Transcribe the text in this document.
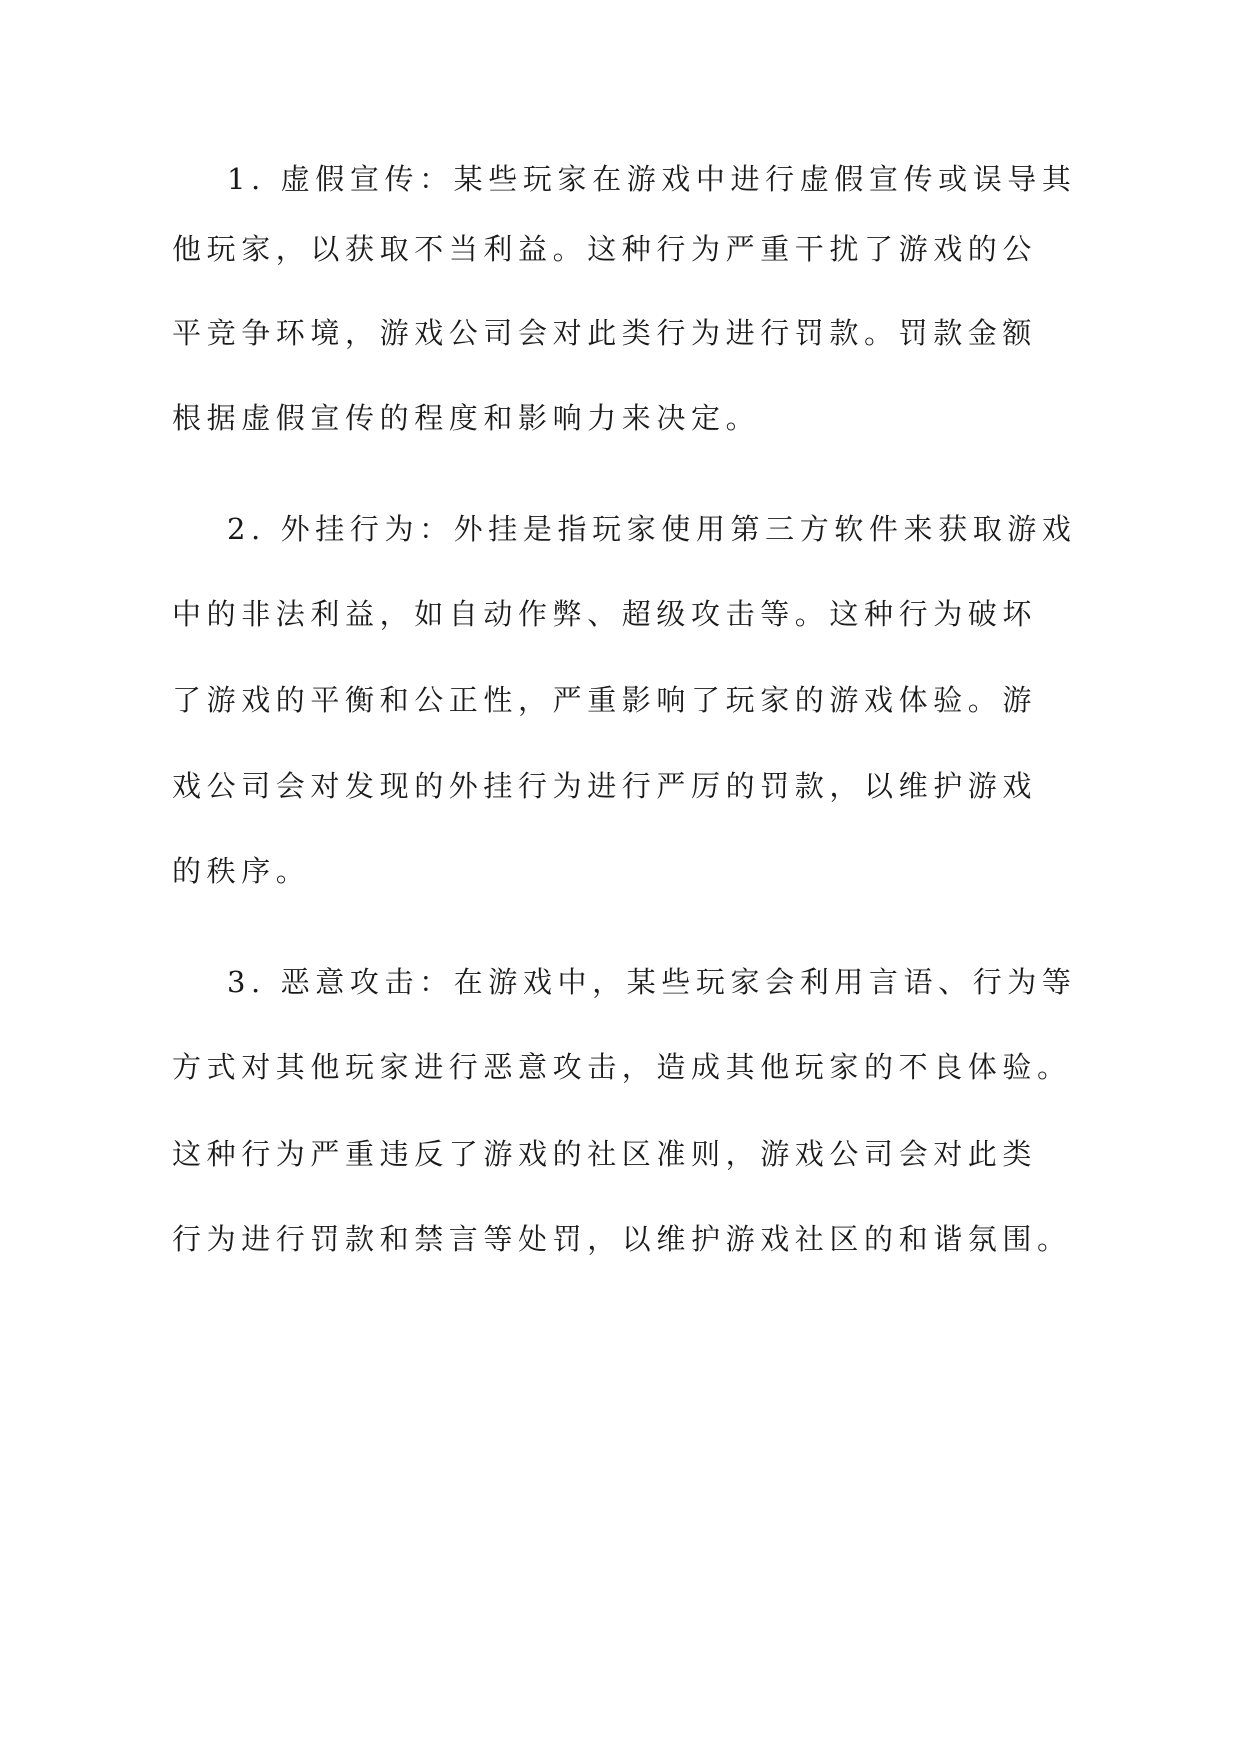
1. 虚假宣传：某些玩家在游戏中进行虚假宣传或误导其

他玩家，以获取不当利益。这种行为严重干扰了游戏的公

平竞争环境，游戏公司会对此类行为进行罚款。罚款金额

根据虚假宣传的程度和影响力来决定。

2. 外挂行为：外挂是指玩家使用第三方软件来获取游戏

中的非法利益，如自动作弊、超级攻击等。这种行为破坏

了游戏的平衡和公正性，严重影响了玩家的游戏体验。游

戏公司会对发现的外挂行为进行严厉的罚款，以维护游戏

的秩序。

3. 恶意攻击：在游戏中，某些玩家会利用言语、行为等

方式对其他玩家进行恶意攻击，造成其他玩家的不良体验。

这种行为严重违反了游戏的社区准则，游戏公司会对此类

行为进行罚款和禁言等处罚，以维护游戏社区的和谐氛围。
